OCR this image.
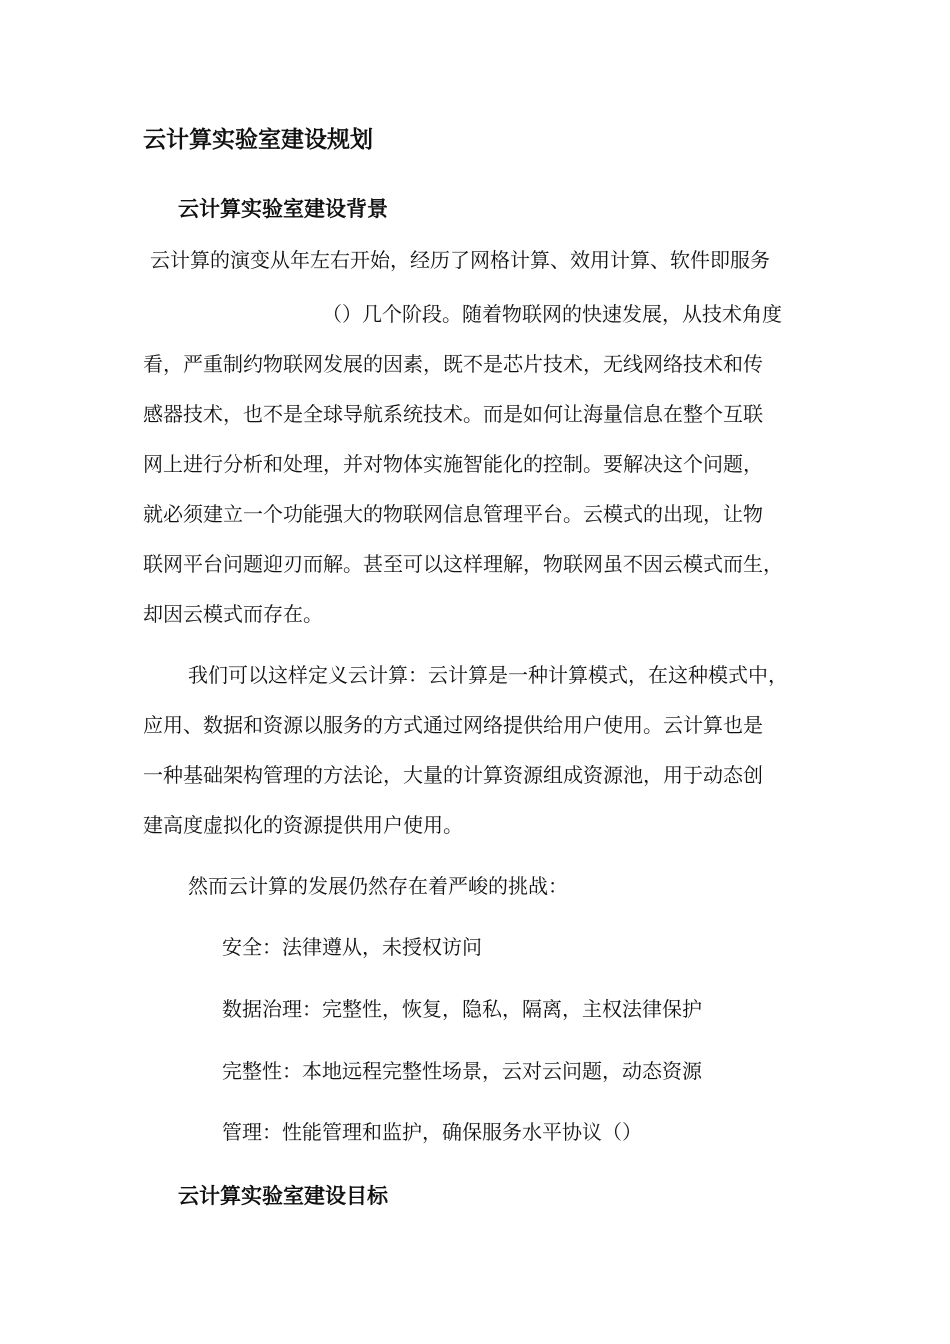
云计算实验室建设规划
云计算实验室建设背景

云计算的演变从年左右开始，经历了网格计算、效用计算、软件即服务

（）几个阶段。随着物联网的快速发展，从技术角度

看，严重制约物联网发展的因素，既不是芯片技术，无线网络技术和传

感器技术，也不是全球导航系统技术。而是如何让海量信息在整个互联

网上进行分析和处理，并对物体实施智能化的控制。要解决这个问题，

就必须建立一个功能强大的物联网信息管理平台。云模式的出现，让物

联网平台问题迎刃而解。甚至可以这样理解，物联网虽不因云模式而生，

却因云模式而存在。

我们可以这样定义云计算：云计算是一种计算模式，在这种模式中，

应用、数据和资源以服务的方式通过网络提供给用户使用。云计算也是

一种基础架构管理的方法论，大量的计算资源组成资源池，用于动态创

建高度虚拟化的资源提供用户使用。

然而云计算的发展仍然存在着严峻的挑战：

安全：法律遵从，未授权访问

数据治理：完整性，恢复，隐私，隔离，主权法律保护

完整性：本地远程完整性场景，云对云问题，动态资源

管理：性能管理和监护，确保服务水平协议（）

云计算实验室建设目标
